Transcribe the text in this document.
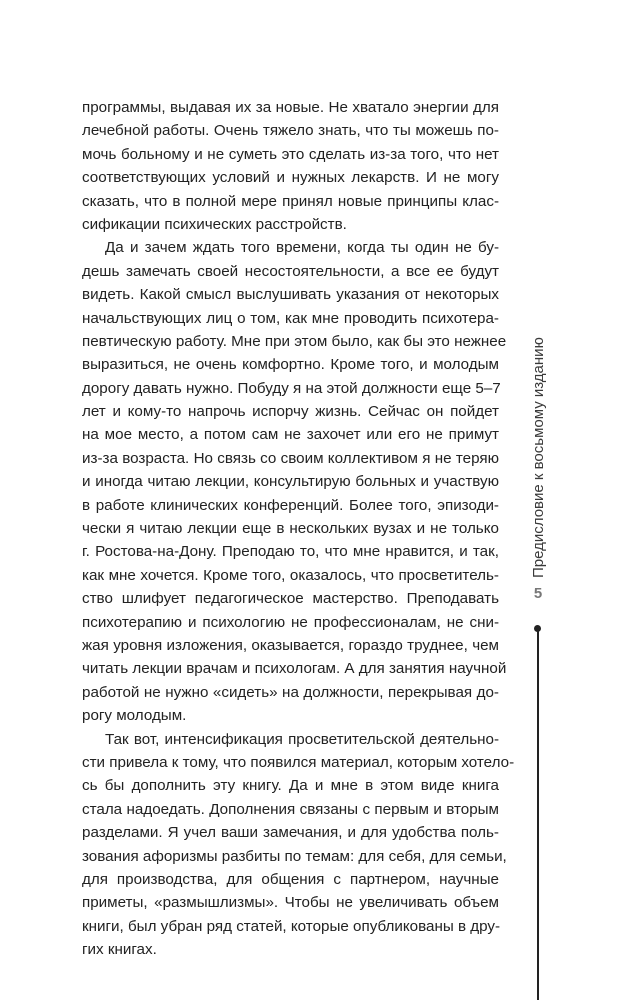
программы, выдавая их за новые. Не хватало энергии для
лечебной работы. Очень тяжело знать, что ты можешь по-
мочь больному и не суметь это сделать из-за того, что нет
соответствующих условий и нужных лекарств. И не могу
сказать, что в полной мере принял новые принципы клас-
сификации психических расстройств.
Да и зачем ждать того времени, когда ты один не бу-
дешь замечать своей несостоятельности, а все ее будут
видеть. Какой смысл выслушивать указания от некоторых
начальствующих лиц о том, как мне проводить психотера-
певтическую работу. Мне при этом было, как бы это нежнее
выразиться, не очень комфортно. Кроме того, и молодым
дорогу давать нужно. Побуду я на этой должности еще 5–7
лет и кому-то напрочь испорчу жизнь. Сейчас он пойдет
на мое место, а потом сам не захочет или его не примут
из-за возраста. Но связь со своим коллективом я не теряю
и иногда читаю лекции, консультирую больных и участвую
в работе клинических конференций. Более того, эпизоди-
чески я читаю лекции еще в нескольких вузах и не только
г. Ростова-на-Дону. Преподаю то, что мне нравится, и так,
как мне хочется. Кроме того, оказалось, что просветитель-
ство шлифует педагогическое мастерство. Преподавать
психотерапию и психологию не профессионалам, не сни-
жая уровня изложения, оказывается, гораздо труднее, чем
читать лекции врачам и психологам. А для занятия научной
работой не нужно «сидеть» на должности, перекрывая до-
рогу молодым.
Так вот, интенсификация просветительской деятельно-
сти привела к тому, что появился материал, которым хотело-
сь бы дополнить эту книгу. Да и мне в этом виде книга
стала надоедать. Дополнения связаны с первым и вторым
разделами. Я учел ваши замечания, и для удобства поль-
зования афоризмы разбиты по темам: для себя, для семьи,
для производства, для общения с партнером, научные
приметы, «размышлизмы». Чтобы не увеличивать объем
книги, был убран ряд статей, которые опубликованы в дру-
гих книгах.
Предисловие к восьмому изданию
5
